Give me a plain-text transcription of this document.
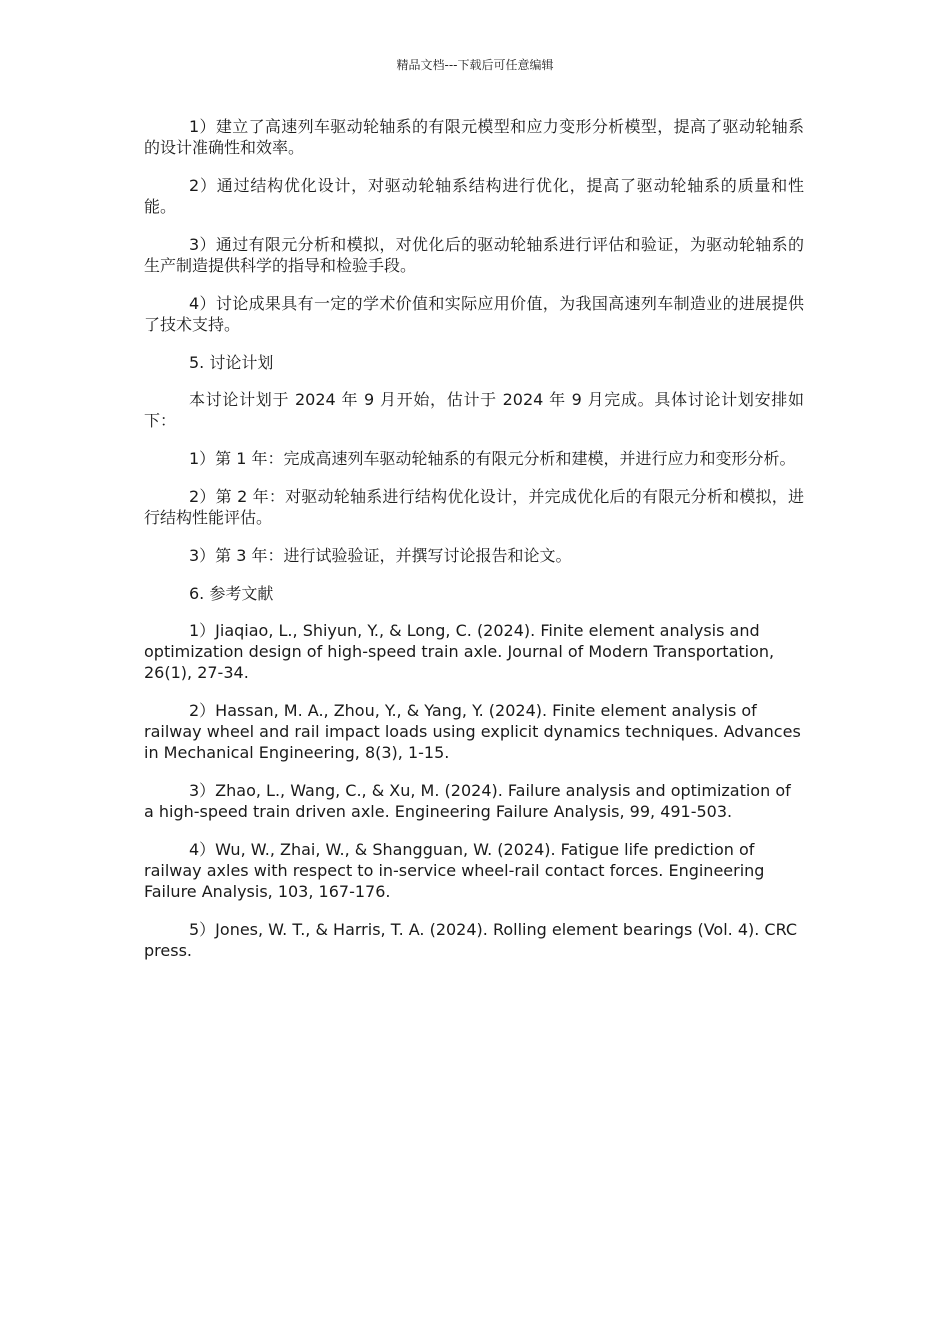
精品文档---下载后可任意编辑

1）建立了高速列车驱动轮轴系的有限元模型和应力变形分析模型，提高了驱动轮轴系的设计准确性和效率。

2）通过结构优化设计，对驱动轮轴系结构进行优化，提高了驱动轮轴系的质量和性能。

3）通过有限元分析和模拟，对优化后的驱动轮轴系进行评估和验证，为驱动轮轴系的生产制造提供科学的指导和检验手段。

4）讨论成果具有一定的学术价值和实际应用价值，为我国高速列车制造业的进展提供了技术支持。

5. 讨论计划

本讨论计划于 2024 年 9 月开始，估计于 2024 年 9 月完成。具体讨论计划安排如下：

1）第 1 年：完成高速列车驱动轮轴系的有限元分析和建模，并进行应力和变形分析。

2）第 2 年：对驱动轮轴系进行结构优化设计，并完成优化后的有限元分析和模拟，进行结构性能评估。

3）第 3 年：进行试验验证，并撰写讨论报告和论文。

6. 参考文献

1）Jiaqiao, L., Shiyun, Y., & Long, C. (2024). Finite element analysis and optimization design of high-speed train axle. Journal of Modern Transportation, 26(1), 27-34.

2）Hassan, M. A., Zhou, Y., & Yang, Y. (2024). Finite element analysis of railway wheel and rail impact loads using explicit dynamics techniques. Advances in Mechanical Engineering, 8(3), 1-15.

3）Zhao, L., Wang, C., & Xu, M. (2024). Failure analysis and optimization of a high-speed train driven axle. Engineering Failure Analysis, 99, 491-503.

4）Wu, W., Zhai, W., & Shangguan, W. (2024). Fatigue life prediction of railway axles with respect to in-service wheel-rail contact forces. Engineering Failure Analysis, 103, 167-176.

5）Jones, W. T., & Harris, T. A. (2024). Rolling element bearings (Vol. 4). CRC press.
